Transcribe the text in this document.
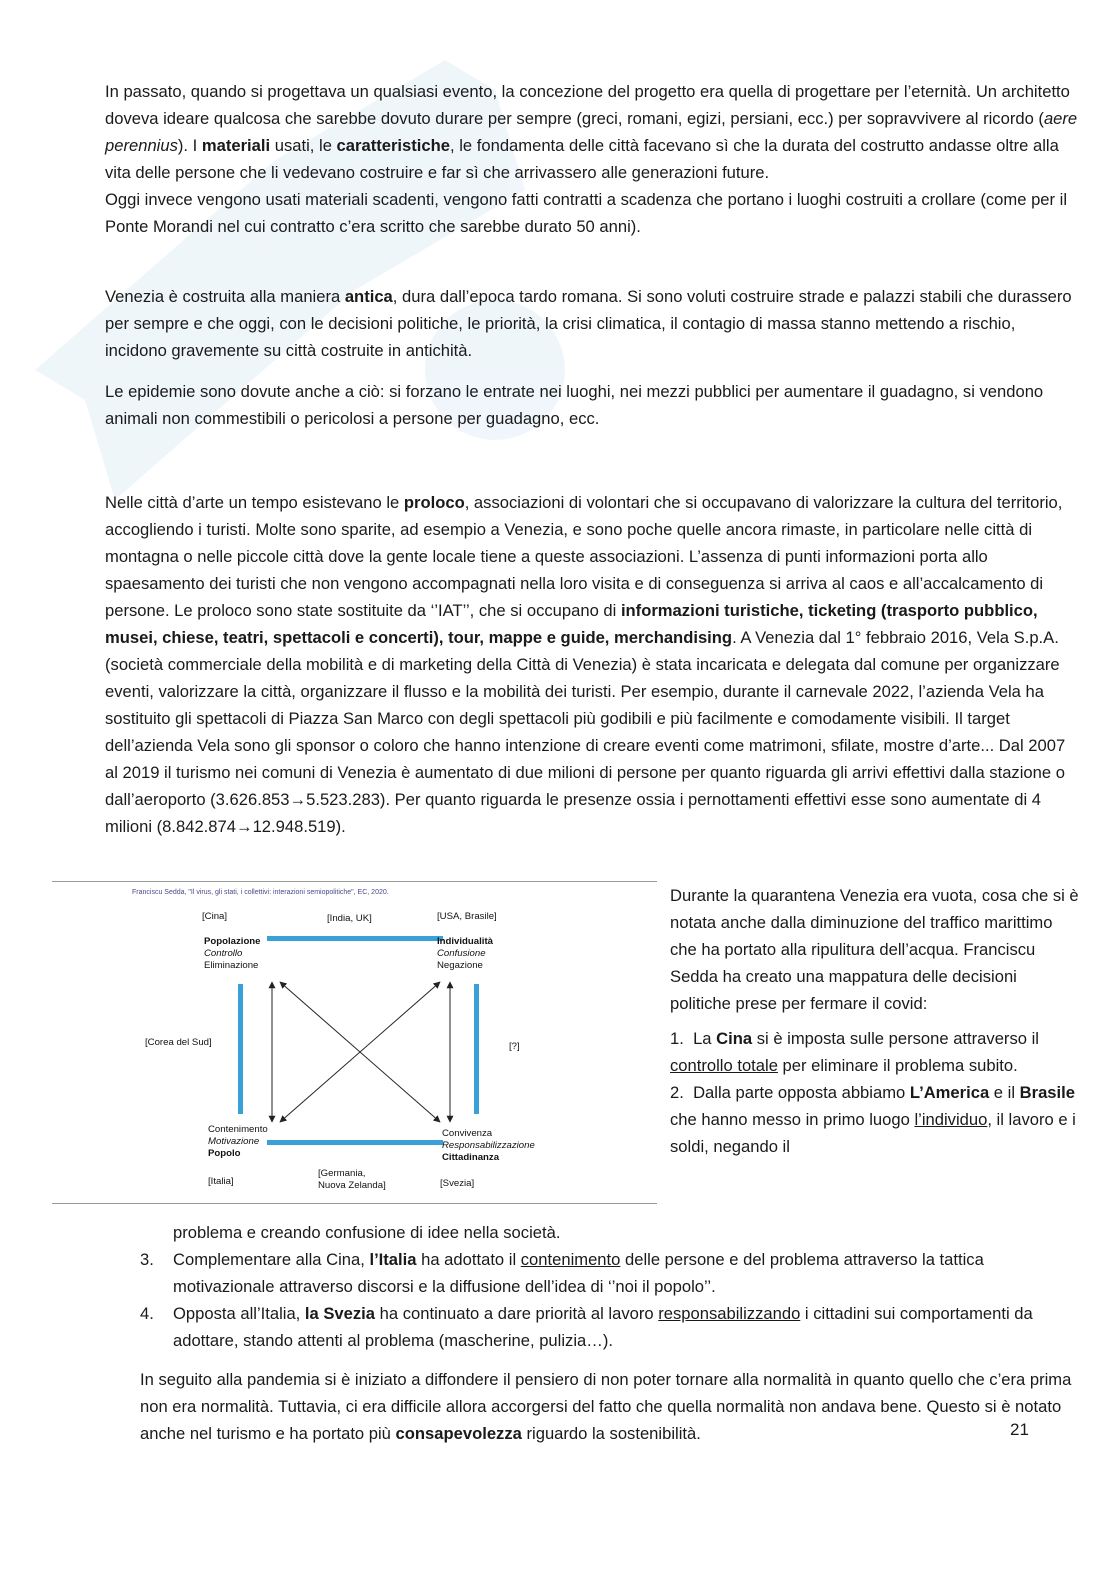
In passato, quando si progettava un qualsiasi evento, la concezione del progetto era quella di progettare per l’eternità. Un architetto doveva ideare qualcosa che sarebbe dovuto durare per sempre (greci, romani, egizi, persiani, ecc.) per sopravvivere al ricordo (aere perennius). I materiali usati, le caratteristiche, le fondamenta delle città facevano sì che la durata del costrutto andasse oltre alla vita delle persone che li vedevano costruire e far sì che arrivassero alle generazioni future.

Oggi invece vengono usati materiali scadenti, vengono fatti contratti a scadenza che portano i luoghi costruiti a crollare (come per il Ponte Morandi nel cui contratto c’era scritto che sarebbe durato 50 anni).

Venezia è costruita alla maniera antica, dura dall’epoca tardo romana. Si sono voluti costruire strade e palazzi stabili che durassero per sempre e che oggi, con le decisioni politiche, le priorità, la crisi climatica, il contagio di massa stanno mettendo a rischio, incidono gravemente su città costruite in antichità.

Le epidemie sono dovute anche a ciò: si forzano le entrate nei luoghi, nei mezzi pubblici per aumentare il guadagno, si vendono animali non commestibili o pericolosi a persone per guadagno, ecc.

Nelle città d’arte un tempo esistevano le proloco, associazioni di volontari che si occupavano di valorizzare la cultura del territorio, accogliendo i turisti. Molte sono sparite, ad esempio a Venezia, e sono poche quelle ancora rimaste, in particolare nelle città di montagna o nelle piccole città dove la gente locale tiene a queste associazioni. L’assenza di punti informazioni porta allo spaesamento dei turisti che non vengono accompagnati nella loro visita e di conseguenza si arriva al caos e all’accalcamento di persone. Le proloco sono state sostituite da ‘’IAT’’, che si occupano di informazioni turistiche, ticketing (trasporto pubblico, musei, chiese, teatri, spettacoli e concerti), tour, mappe e guide, merchandising. A Venezia dal 1° febbraio 2016, Vela S.p.A. (società commerciale della mobilità e di marketing della Città di Venezia) è stata incaricata e delegata dal comune per organizzare eventi, valorizzare la città, organizzare il flusso e la mobilità dei turisti. Per esempio, durante il carnevale 2022, l’azienda Vela ha sostituito gli spettacoli di Piazza San Marco con degli spettacoli più godibili e più facilmente e comodamente visibili. Il target dell’azienda Vela sono gli sponsor o coloro che hanno intenzione di creare eventi come matrimoni, sfilate, mostre d’arte... Dal 2007 al 2019 il turismo nei comuni di Venezia è aumentato di due milioni di persone per quanto riguarda gli arrivi effettivi dalla stazione o dall’aeroporto (3.626.853→5.523.283). Per quanto riguarda le presenze ossia i pernottamenti effettivi esse sono aumentate di 4 milioni (8.842.874→12.948.519).

Franciscu Sedda, "Il virus, gli stati, i collettivi: interazioni semiopolitiche", EC, 2020.
[Cina]	[India, UK]	[USA, Brasile]
Popolazione
Controllo
Eliminazione
Individualità
Confusione
Negazione
[Corea del Sud]	[?]
Contenimento
Motivazione
Popolo
Convivenza
Responsabilizzazione
Cittadinanza
[Italia]
[Germania,
Nuova Zelanda]	[Svezia]

Durante la quarantena Venezia era vuota, cosa che si è notata anche dalla diminuzione del traffico marittimo che ha portato alla ripulitura dell’acqua. Franciscu Sedda ha creato una mappatura delle decisioni politiche prese per fermare il covid:

1. La Cina si è imposta sulle persone attraverso il controllo totale per eliminare il problema subito.

2. Dalla parte opposta abbiamo L’America e il Brasile che hanno messo in primo luogo l’individuo, il lavoro e i soldi, negando il

problema e creando confusione di idee nella società.
3. Complementare alla Cina, l’Italia ha adottato il contenimento delle persone e del problema attraverso la tattica motivazionale attraverso discorsi e la diffusione dell’idea di ‘’noi il popolo’’.
4. Opposta all’Italia, la Svezia ha continuato a dare priorità al lavoro responsabilizzando i cittadini sui comportamenti da adottare, stando attenti al problema (mascherine, pulizia…).

In seguito alla pandemia si è iniziato a diffondere il pensiero di non poter tornare alla normalità in quanto quello che c’era prima non era normalità. Tuttavia, ci era difficile allora accorgersi del fatto che quella normalità non andava bene. Questo si è notato anche nel turismo e ha portato più consapevolezza riguardo la sostenibilità.	21
